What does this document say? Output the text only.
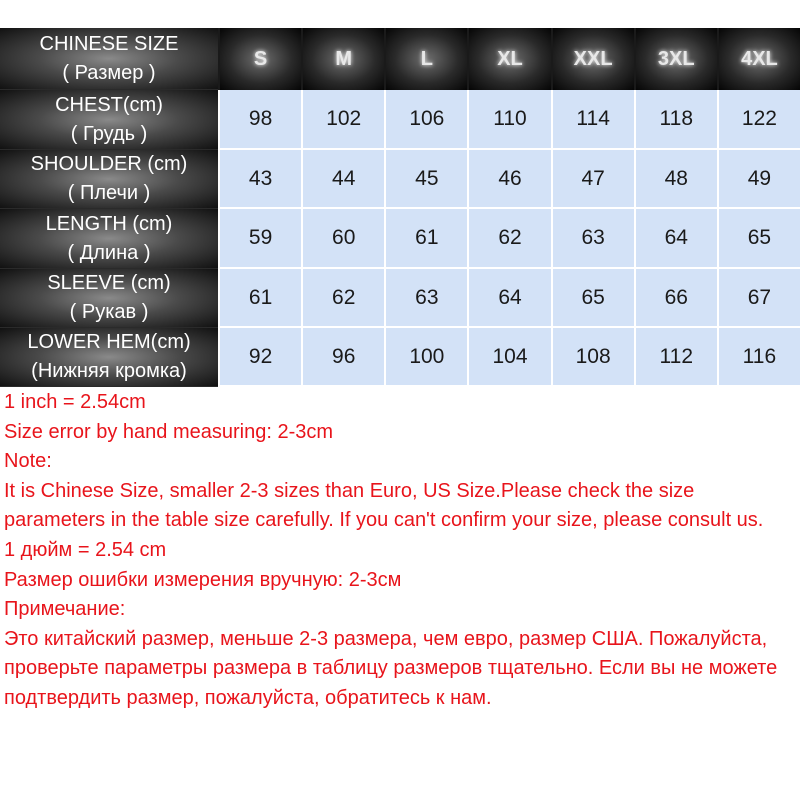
CHINESE SIZE
( Размер )	S	M	L	XL	XXL	3XL	4XL

CHEST(cm)
( Грудь )	98	102	106	110	114	118	122

SHOULDER (cm)
( Плечи )	43	44	45	46	47	48	49

LENGTH (cm)
( Длина )	59	60	61	62	63	64	65

SLEEVE (cm)
( Рукав )	61	62	63	64	65	66	67

LOWER HEM(cm)
(Нижняя кромка)	92	96	100	104	108	112	116
1 inch = 2.54cm
Size error by hand measuring: 2-3cm
Note:
It is Chinese Size, smaller 2-3 sizes than Euro, US Size.Please check the size parameters in the table size carefully. If you can't confirm your size, please consult us.
1 дюйм = 2.54 cm
Размер ошибки измерения вручную: 2-3см
Примечание:
Это китайский размер, меньше 2-3 размера, чем евро, размер США. Пожалуйста, проверьте параметры размера в таблицу размеров тщательно. Если вы не можете подтвердить размер, пожалуйста, обратитесь к нам.
